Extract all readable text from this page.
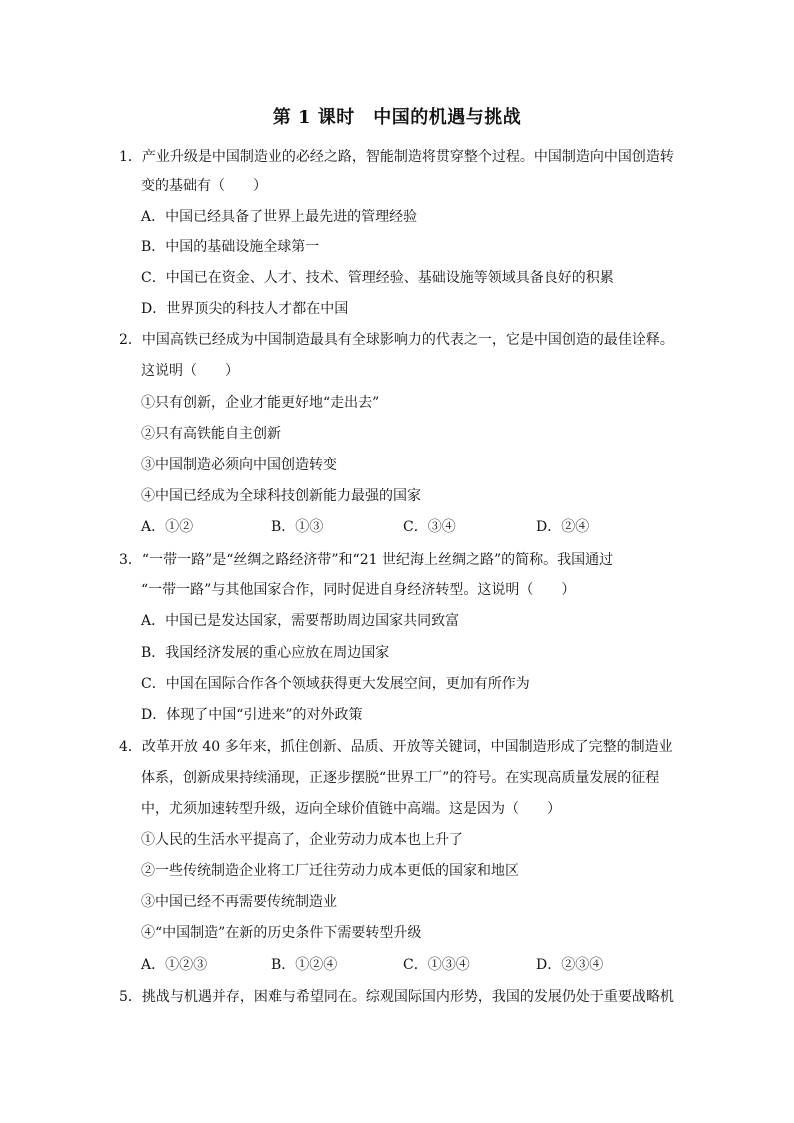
第 1 课时　中国的机遇与挑战
1．产业升级是中国制造业的必经之路，智能制造将贯穿整个过程。中国制造向中国创造转
变的基础有（　　）
A．中国已经具备了世界上最先进的管理经验
B．中国的基础设施全球第一
C．中国已在资金、人才、技术、管理经验、基础设施等领域具备良好的积累
D．世界顶尖的科技人才都在中国
2．中国高铁已经成为中国制造最具有全球影响力的代表之一，它是中国创造的最佳诠释。
这说明（　　）
①只有创新，企业才能更好地“走出去”
②只有高铁能自主创新
③中国制造必须向中国创造转变
④中国已经成为全球科技创新能力最强的国家
A．①②	B．①③	C．③④	D．②④
3．“一带一路”是“丝绸之路经济带”和“21 世纪海上丝绸之路”的简称。我国通过
“一带一路”与其他国家合作，同时促进自身经济转型。这说明（　　）
A．中国已是发达国家，需要帮助周边国家共同致富
B．我国经济发展的重心应放在周边国家
C．中国在国际合作各个领域获得更大发展空间，更加有所作为
D．体现了中国“引进来”的对外政策
4．改革开放 40 多年来，抓住创新、品质、开放等关键词，中国制造形成了完整的制造业
体系，创新成果持续涌现，正逐步摆脱“世界工厂”的符号。在实现高质量发展的征程
中，尤须加速转型升级，迈向全球价值链中高端。这是因为（　　）
①人民的生活水平提高了，企业劳动力成本也上升了
②一些传统制造企业将工厂迁往劳动力成本更低的国家和地区
③中国已经不再需要传统制造业
④“中国制造”在新的历史条件下需要转型升级
A．①②③	B．①②④	C．①③④	D．②③④
5．挑战与机遇并存，困难与希望同在。综观国际国内形势，我国的发展仍处于重要战略机
